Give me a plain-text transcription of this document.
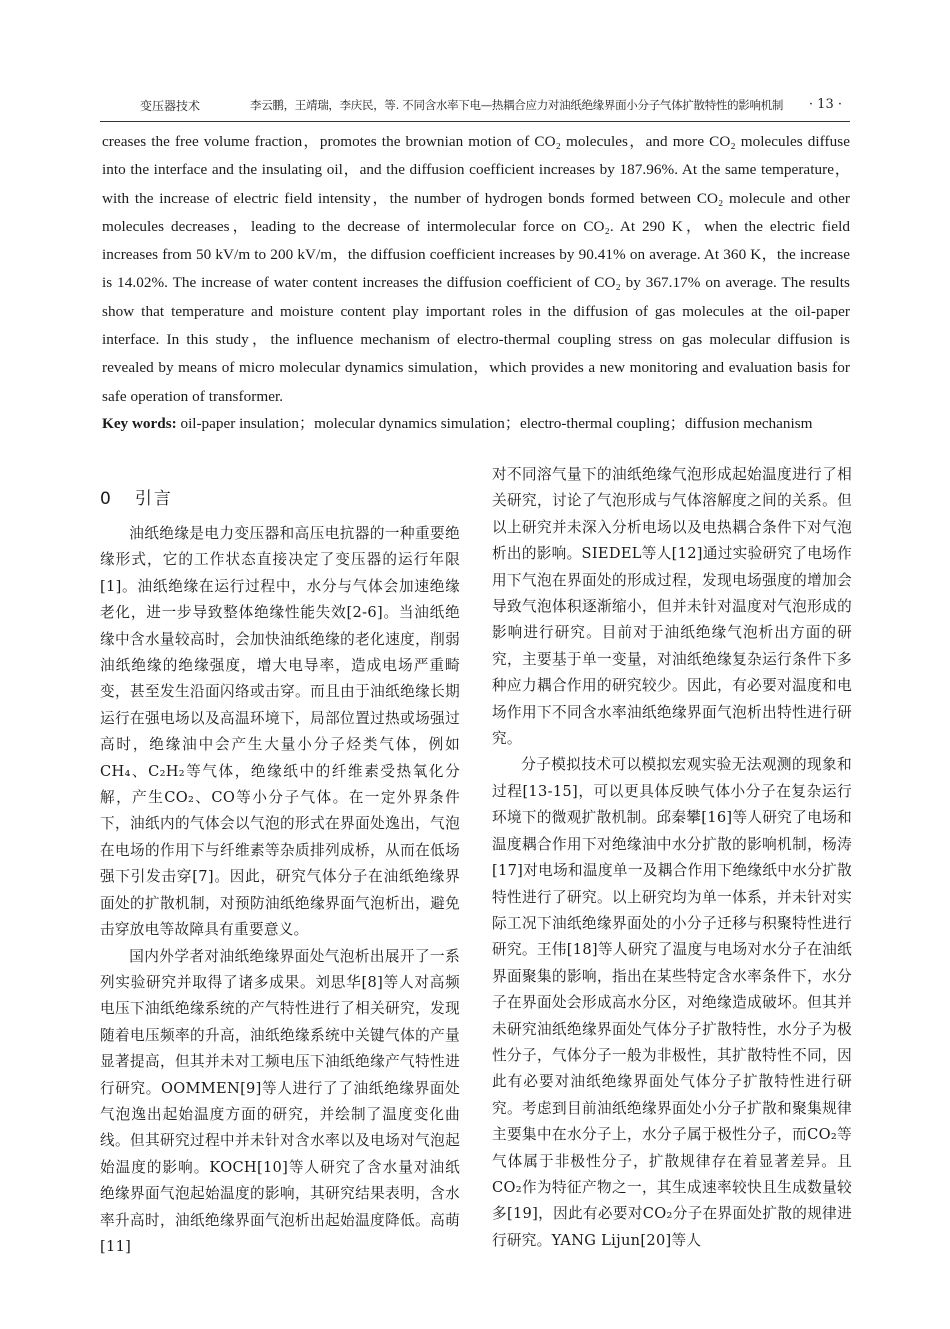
变压器技术	李云鹏，王靖瑞，李庆民，等. 不同含水率下电—热耦合应力对油纸绝缘界面小分子气体扩散特性的影响机制 · 13 ·

creases the free volume fraction，promotes the brownian motion of CO₂ molecules，and more CO₂ molecules diffuse into the interface and the insulating oil，and the diffusion coefficient increases by 187.96%. At the same temperature，with the increase of electric field intensity，the number of hydrogen bonds formed between CO₂ molecule and other molecules decreases，leading to the decrease of intermolecular force on CO₂. At 290 K，when the electric field increases from 50 kV/m to 200 kV/m，the diffusion coefficient increases by 90.41% on average. At 360 K，the increase is 14.02%. The increase of water content increases the diffusion coefficient of CO₂ by 367.17% on average. The results show that temperature and moisture content play important roles in the diffusion of gas molecules at the oil-paper interface. In this study，the influence mechanism of electro-thermal coupling stress on gas molecular diffusion is revealed by means of micro molecular dynamics simulation，which provides a new monitoring and evaluation basis for safe operation of transformer.

Key words: oil-paper insulation；molecular dynamics simulation；electro-thermal coupling；diffusion mechanism
0 引言

油纸绝缘是电力变压器和高压电抗器的一种重要绝缘形式，它的工作状态直接决定了变压器的运行年限[1]。油纸绝缘在运行过程中，水分与气体会加速绝缘老化，进一步导致整体绝缘性能失效[2-6]。当油纸绝缘中含水量较高时，会加快油纸绝缘的老化速度，削弱油纸绝缘的绝缘强度，增大电导率，造成电场严重畸变，甚至发生沿面闪络或击穿。而且由于油纸绝缘长期运行在强电场以及高温环境下，局部位置过热或场强过高时，绝缘油中会产生大量小分子烃类气体，例如CH₄、C₂H₂等气体，绝缘纸中的纤维素受热氧化分解，产生CO₂、CO等小分子气体。在一定外界条件下，油纸内的气体会以气泡的形式在界面处逸出，气泡在电场的作用下与纤维素等杂质排列成桥，从而在低场强下引发击穿[7]。因此，研究气体分子在油纸绝缘界面处的扩散机制，对预防油纸绝缘界面气泡析出，避免击穿放电等故障具有重要意义。

国内外学者对油纸绝缘界面处气泡析出展开了一系列实验研究并取得了诸多成果。刘思华[8]等人对高频电压下油纸绝缘系统的产气特性进行了相关研究，发现随着电压频率的升高，油纸绝缘系统中关键气体的产量显著提高，但其并未对工频电压下油纸绝缘产气特性进行研究。OOMMEN[9]等人进行了了油纸绝缘界面处气泡逸出起始温度方面的研究，并绘制了温度变化曲线。但其研究过程中并未针对含水率以及电场对气泡起始温度的影响。KOCH[10]等人研究了含水量对油纸绝缘界面气泡起始温度的影响，其研究结果表明，含水率升高时，油纸绝缘界面气泡析出起始温度降低。高萌[11]

对不同溶气量下的油纸绝缘气泡形成起始温度进行了相关研究，讨论了气泡形成与气体溶解度之间的关系。但以上研究并未深入分析电场以及电热耦合条件下对气泡析出的影响。SIEDEL等人[12]通过实验研究了电场作用下气泡在界面处的形成过程，发现电场强度的增加会导致气泡体积逐渐缩小，但并未针对温度对气泡形成的影响进行研究。目前对于油纸绝缘气泡析出方面的研究，主要基于单一变量，对油纸绝缘复杂运行条件下多种应力耦合作用的研究较少。因此，有必要对温度和电场作用下不同含水率油纸绝缘界面气泡析出特性进行研究。

分子模拟技术可以模拟宏观实验无法观测的现象和过程[13-15]，可以更具体反映气体小分子在复杂运行环境下的微观扩散机制。邱秦攀[16]等人研究了电场和温度耦合作用下对绝缘油中水分扩散的影响机制，杨涛[17]对电场和温度单一及耦合作用下绝缘纸中水分扩散特性进行了研究。以上研究均为单一体系，并未针对实际工况下油纸绝缘界面处的小分子迁移与积聚特性进行研究。王伟[18]等人研究了温度与电场对水分子在油纸界面聚集的影响，指出在某些特定含水率条件下，水分子在界面处会形成高水分区，对绝缘造成破坏。但其并未研究油纸绝缘界面处气体分子扩散特性，水分子为极性分子，气体分子一般为非极性，其扩散特性不同，因此有必要对油纸绝缘界面处气体分子扩散特性进行研究。考虑到目前油纸绝缘界面处小分子扩散和聚集规律主要集中在水分子上，水分子属于极性分子，而CO₂等气体属于非极性分子，扩散规律存在着显著差异。且CO₂作为特征产物之一，其生成速率较快且生成数量较多[19]，因此有必要对CO₂分子在界面处扩散的规律进行研究。YANG Lijun[20]等人
